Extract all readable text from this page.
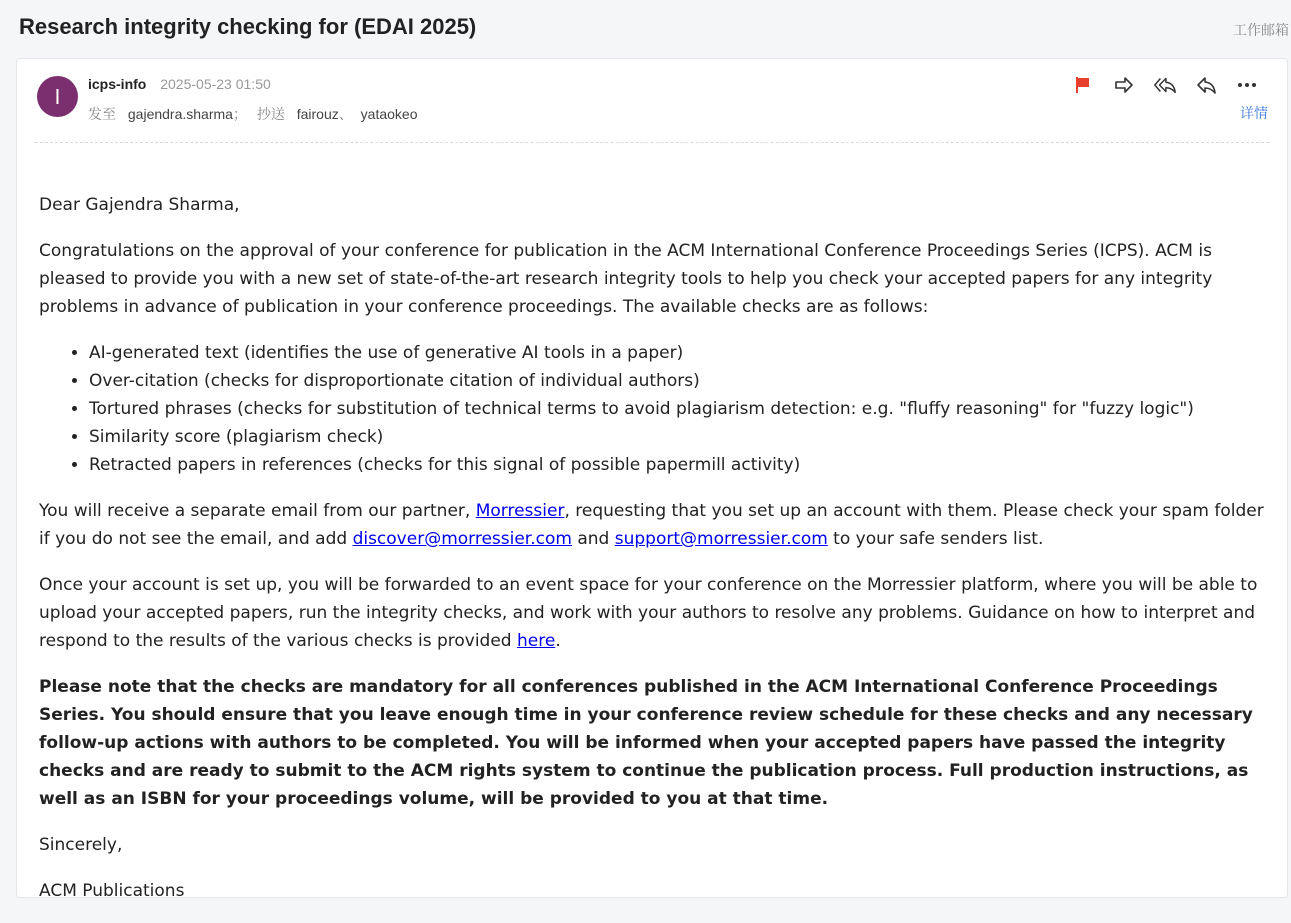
Research integrity checking for (EDAI 2025)	工作邮箱
I
icps-info 2025-05-23 01:50
发至 gajendra.sharma； 抄送 fairouz、 yataokeo	详情

Dear Gajendra Sharma,

Congratulations on the approval of your conference for publication in the ACM International Conference Proceedings Series (ICPS). ACM is pleased to provide you with a new set of state-of-the-art research integrity tools to help you check your accepted papers for any integrity problems in advance of publication in your conference proceedings. The available checks are as follows:

• AI-generated text (identifies the use of generative AI tools in a paper)
• Over-citation (checks for disproportionate citation of individual authors)
• Tortured phrases (checks for substitution of technical terms to avoid plagiarism detection: e.g. "fluffy reasoning" for "fuzzy logic")
• Similarity score (plagiarism check)
• Retracted papers in references (checks for this signal of possible papermill activity)

You will receive a separate email from our partner, Morressier, requesting that you set up an account with them. Please check your spam folder if you do not see the email, and add discover@morressier.com and support@morressier.com to your safe senders list.

Once your account is set up, you will be forwarded to an event space for your conference on the Morressier platform, where you will be able to upload your accepted papers, run the integrity checks, and work with your authors to resolve any problems. Guidance on how to interpret and respond to the results of the various checks is provided here.

Please note that the checks are mandatory for all conferences published in the ACM International Conference Proceedings Series. You should ensure that you leave enough time in your conference review schedule for these checks and any necessary follow-up actions with authors to be completed. You will be informed when your accepted papers have passed the integrity checks and are ready to submit to the ACM rights system to continue the publication process. Full production instructions, as well as an ISBN for your proceedings volume, will be provided to you at that time.

Sincerely,

ACM Publications
